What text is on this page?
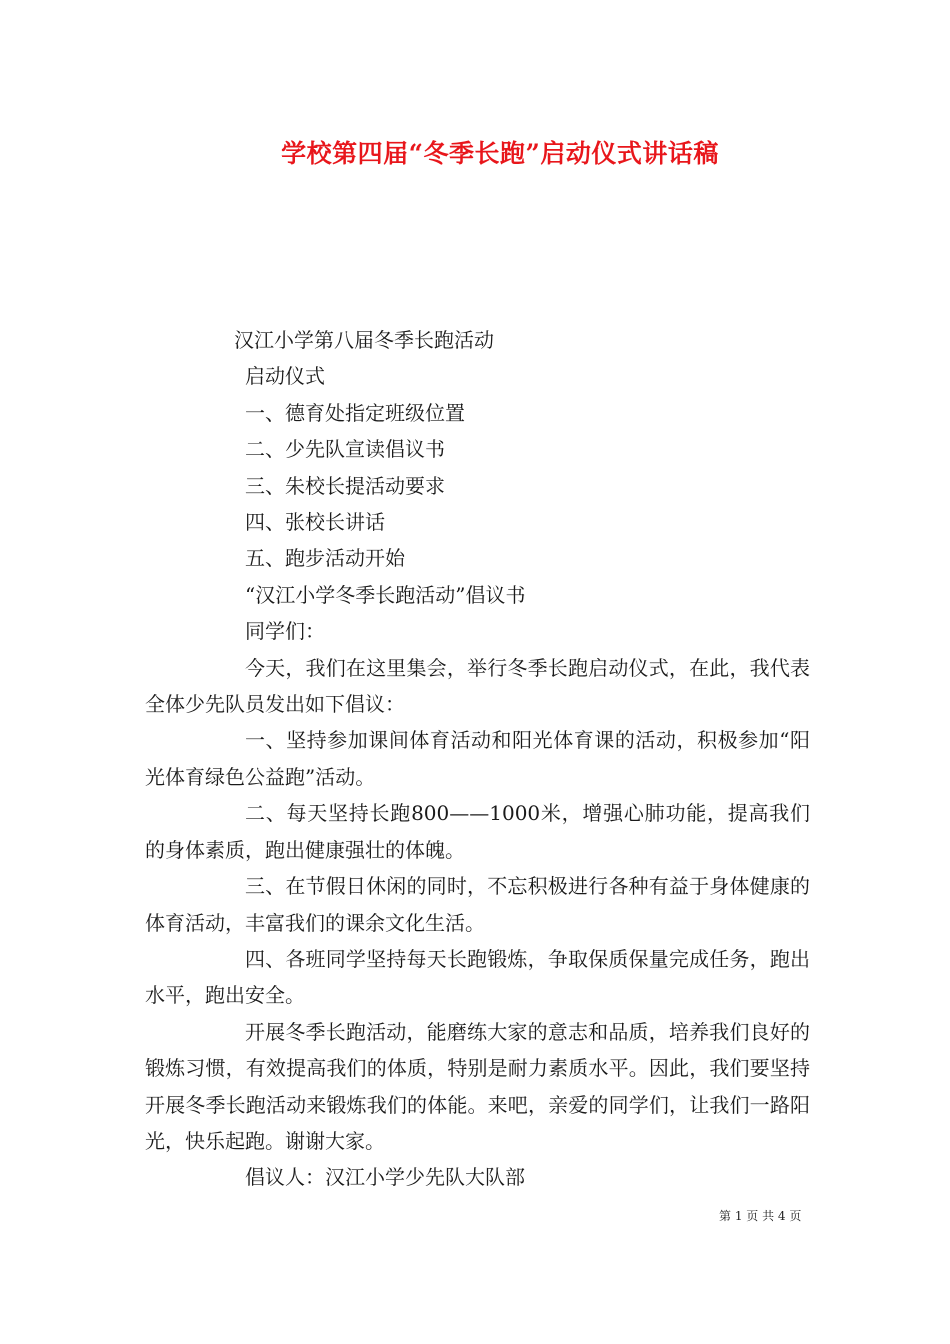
学校第四届“冬季长跑”启动仪式讲话稿
汉江小学第八届冬季长跑活动
启动仪式
一、德育处指定班级位置
二、少先队宣读倡议书
三、朱校长提活动要求
四、张校长讲话
五、跑步活动开始
“汉江小学冬季长跑活动”倡议书
同学们：
今天，我们在这里集会，举行冬季长跑启动仪式，在此，我代表全体少先队员发出如下倡议：
一、坚持参加课间体育活动和阳光体育课的活动，积极参加“阳光体育绿色公益跑”活动。
二、每天坚持长跑800——1000米，增强心肺功能，提高我们的身体素质，跑出健康强壮的体魄。
三、在节假日休闲的同时，不忘积极进行各种有益于身体健康的体育活动，丰富我们的课余文化生活。
四、各班同学坚持每天长跑锻炼，争取保质保量完成任务，跑出水平，跑出安全。
开展冬季长跑活动，能磨练大家的意志和品质，培养我们良好的锻炼习惯，有效提高我们的体质，特别是耐力素质水平。因此，我们要坚持开展冬季长跑活动来锻炼我们的体能。来吧，亲爱的同学们，让我们一路阳光，快乐起跑。谢谢大家。
倡议人：汉江小学少先队大队部
第 1 页 共 4 页
